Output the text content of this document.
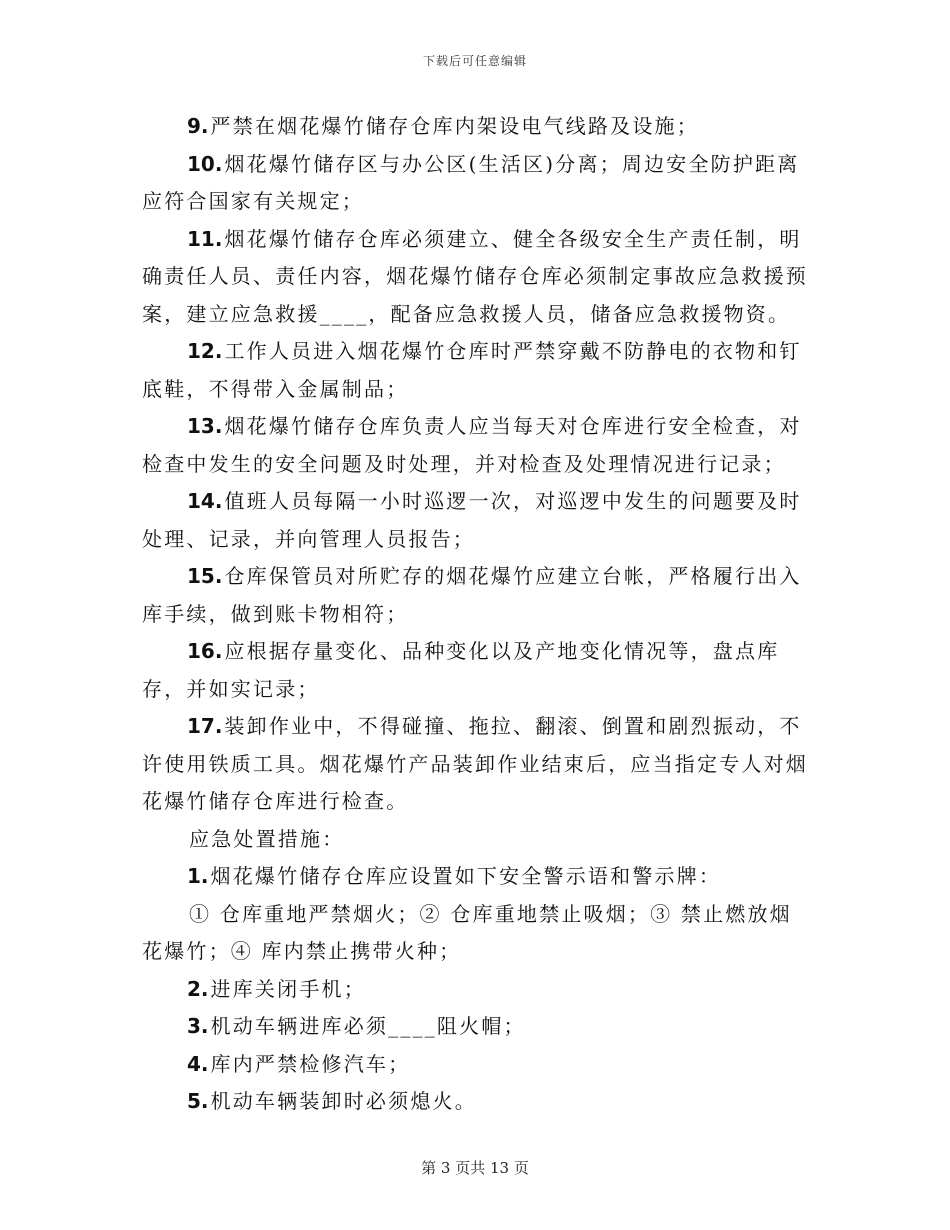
下载后可任意编辑

9. 严禁在烟花爆竹储存仓库内架设电气线路及设施；

10. 烟花爆竹储存区与办公区(生活区)分离；周边安全防护距离应符合国家有关规定；

11. 烟花爆竹储存仓库必须建立、健全各级安全生产责任制，明确责任人员、责任内容，烟花爆竹储存仓库必须制定事故应急救援预案，建立应急救援____，配备应急救援人员，储备应急救援物资。

12. 工作人员进入烟花爆竹仓库时严禁穿戴不防静电的衣物和钉底鞋，不得带入金属制品；

13. 烟花爆竹储存仓库负责人应当每天对仓库进行安全检查，对检查中发生的安全问题及时处理，并对检查及处理情况进行记录；

14. 值班人员每隔一小时巡逻一次，对巡逻中发生的问题要及时处理、记录，并向管理人员报告；

15. 仓库保管员对所贮存的烟花爆竹应建立台帐，严格履行出入库手续，做到账卡物相符；

16. 应根据存量变化、品种变化以及产地变化情况等，盘点库存，并如实记录；

17. 装卸作业中，不得碰撞、拖拉、翻滚、倒置和剧烈振动，不许使用铁质工具。烟花爆竹产品装卸作业结束后，应当指定专人对烟花爆竹储存仓库进行检查。

应急处置措施：

1. 烟花爆竹储存仓库应设置如下安全警示语和警示牌：

① 仓库重地严禁烟火；② 仓库重地禁止吸烟；③ 禁止燃放烟花爆竹；④ 库内禁止携带火种；

2. 进库关闭手机；

3. 机动车辆进库必须____阻火帽；

4. 库内严禁检修汽车；

5. 机动车辆装卸时必须熄火。

第 3 页共 13 页
